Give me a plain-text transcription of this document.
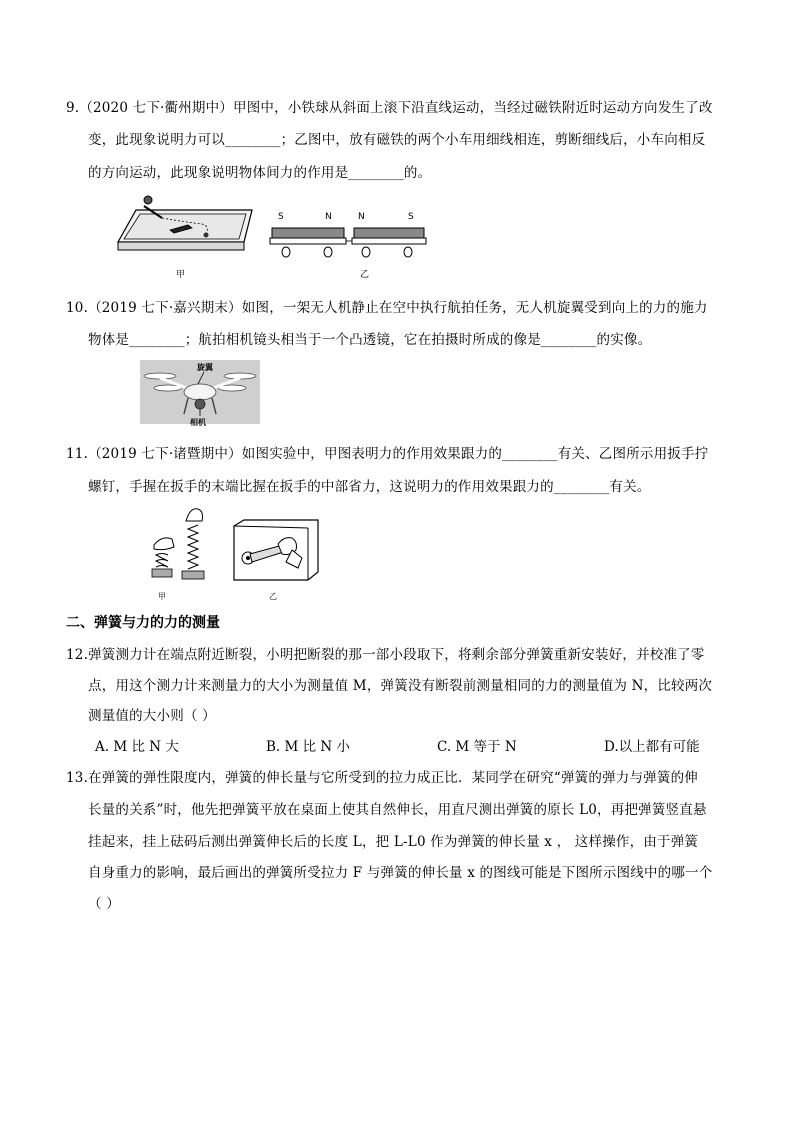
9.（2020 七下·衢州期中）甲图中，小铁球从斜面上滚下沿直线运动，当经过磁铁附近时运动方向发生了改
变，此现象说明力可以________；乙图中，放有磁铁的两个小车用细线相连，剪断细线后，小车向相反
的方向运动，此现象说明物体间力的作用是________的。
甲
S	N	N	S
乙
10.（2019 七下·嘉兴期末）如图，一架无人机静止在空中执行航拍任务，无人机旋翼受到向上的力的施力
物体是________；航拍相机镜头相当于一个凸透镜，它在拍摄时所成的像是________的实像。
旋翼
相机
11.（2019 七下·诸暨期中）如图实验中，甲图表明力的作用效果跟力的________有关、乙图所示用扳手拧
螺钉，手握在扳手的末端比握在扳手的中部省力，这说明力的作用效果跟力的________有关。
甲	乙
二、弹簧与力的力的测量
12.弹簧测力计在端点附近断裂，小明把断裂的那一部小段取下，将剩余部分弹簧重新安装好，并校准了零
点，用这个测力计来测量力的大小为测量值 M，弹簧没有断裂前测量相同的力的测量值为 N，比较两次
测量值的大小则（ ）
A. M 比 N 大	B. M 比 N 小	C. M 等于 N	D.以上都有可能
13.在弹簧的弹性限度内，弹簧的伸长量与它所受到的拉力成正比．某同学在研究“弹簧的弹力与弹簧的伸
长量的关系”时，他先把弹簧平放在桌面上使其自然伸长，用直尺测出弹簧的原长 L0，再把弹簧竖直悬
挂起来，挂上砝码后测出弹簧伸长后的长度 L，把 L-L0 作为弹簧的伸长量 x ， 这样操作，由于弹簧
自身重力的影响，最后画出的弹簧所受拉力 F 与弹簧的伸长量 x 的图线可能是下图所示图线中的哪一个
（ ）
